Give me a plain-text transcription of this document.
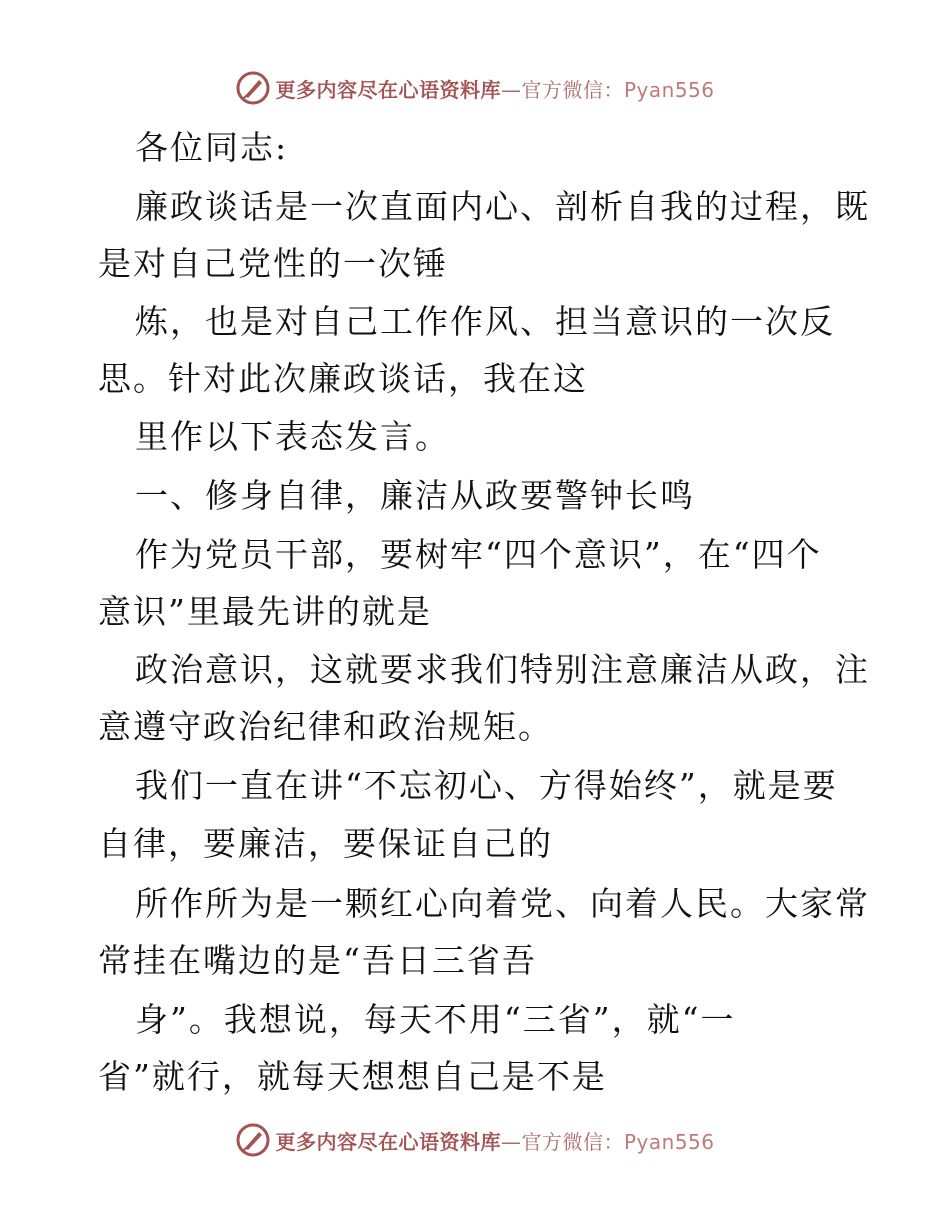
更多内容尽在心语资料库—官方微信：Pyan556
各位同志:
廉政谈话是一次直面内心、剖析自我的过程，既
是对自己党性的一次锤
炼，也是对自己工作作风、担当意识的一次反
思。针对此次廉政谈话，我在这
里作以下表态发言。
一、修身自律，廉洁从政要警钟长鸣
作为党员干部，要树牢“四个意识”，在“四个
意识”里最先讲的就是
政治意识，这就要求我们特别注意廉洁从政，注
意遵守政治纪律和政治规矩。
我们一直在讲“不忘初心、方得始终”，就是要
自律，要廉洁，要保证自己的
所作所为是一颗红心向着党、向着人民。大家常
常挂在嘴边的是“吾日三省吾
身”。我想说，每天不用“三省”，就“一
省”就行，就每天想想自己是不是
更多内容尽在心语资料库—官方微信：Pyan556
